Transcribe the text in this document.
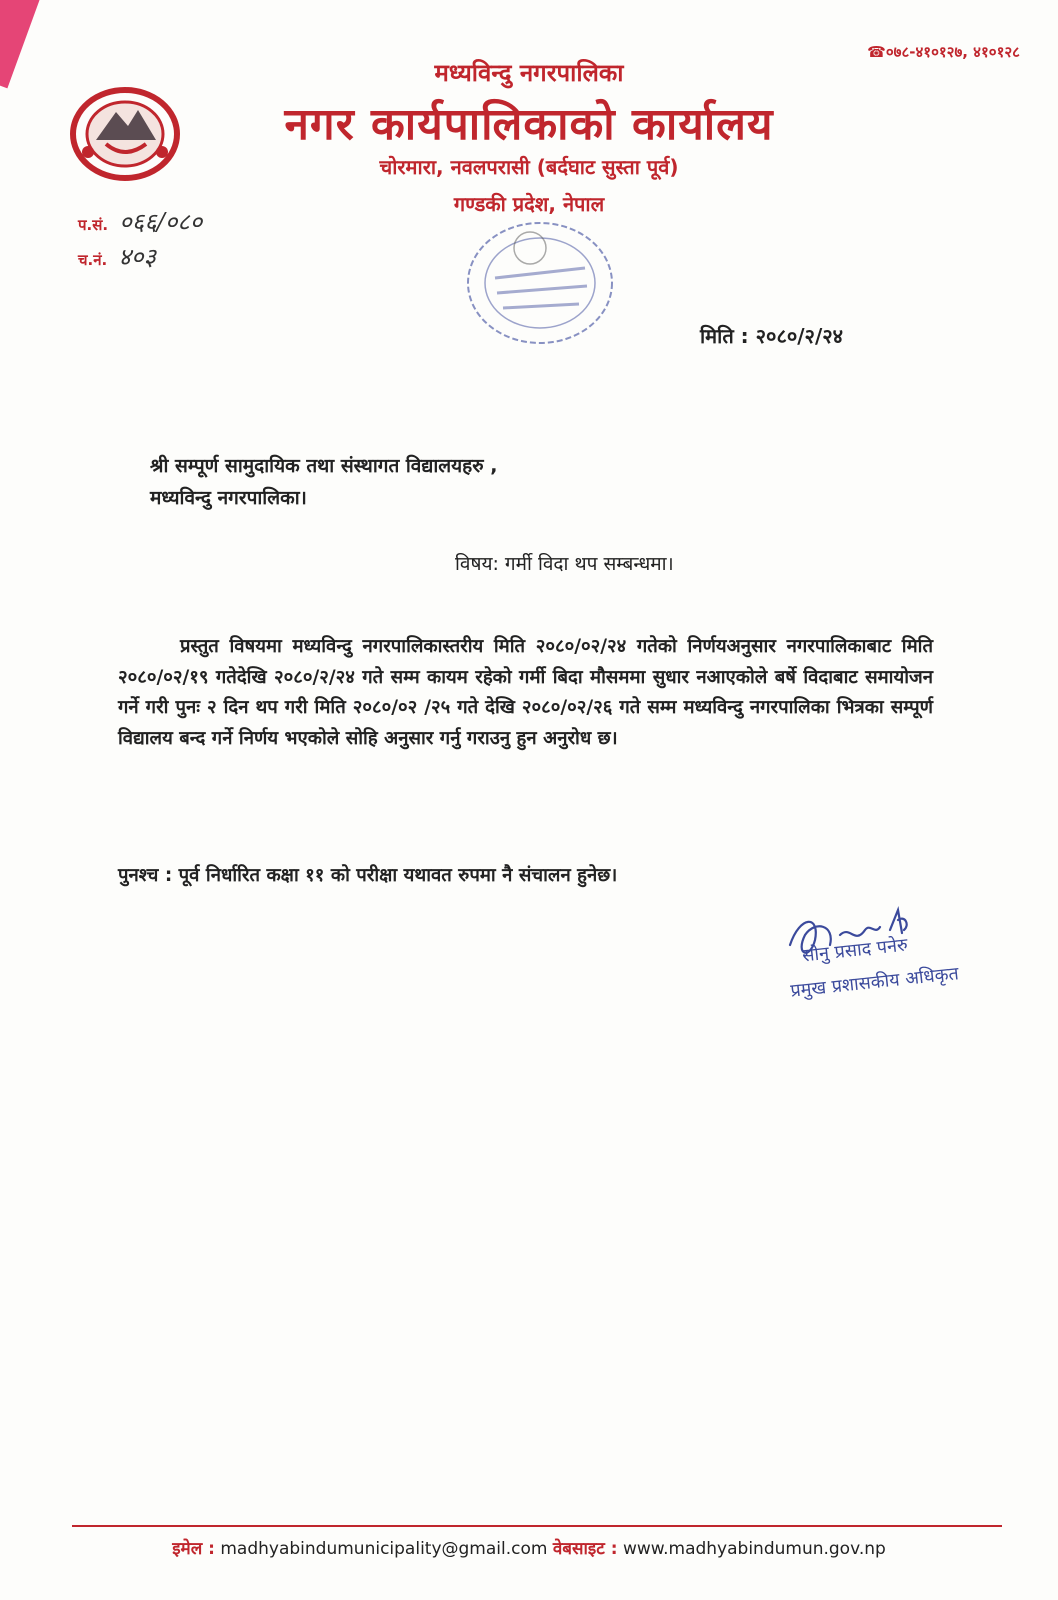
☎०७८-४१०१२७, ४१०१२८
मध्यविन्दु नगरपालिका
नगर कार्यपालिकाको कार्यालय
चोरमारा, नवलपरासी (बर्दघाट सुस्ता पूर्व)
गण्डकी प्रदेश, नेपाल
प.सं. ०६६/०८०
च.नं. ४०३
मिति : २०८०/२/२४
श्री सम्पूर्ण सामुदायिक तथा संस्थागत विद्यालयहरु ,
मध्यविन्दु नगरपालिका।
विषय: गर्मी विदा थप सम्बन्धमा।
प्रस्तुत विषयमा मध्यविन्दु नगरपालिकास्तरीय मिति २०८०/०२/२४ गतेको निर्णयअनुसार नगरपालिकाबाट मिति २०८०/०२/१९ गतेदेखि २०८०/२/२४ गते सम्म कायम रहेको गर्मी बिदा मौसममा सुधार नआएकोले बर्षे विदाबाट समायोजन गर्ने गरी पुनः २ दिन थप गरी मिति २०८०/०२ /२५ गते देखि २०८०/०२/२६ गते सम्म मध्यविन्दु नगरपालिका भित्रका सम्पूर्ण विद्यालय बन्द गर्ने निर्णय भएकोले सोहि अनुसार गर्नु गराउनु हुन अनुरोध छ।
पुनश्च : पूर्व निर्धारित कक्षा ११ को परीक्षा यथावत रुपमा नै संचालन हुनेछ।
सोनु प्रसाद पनेरु
प्रमुख प्रशासकीय अधिकृत
इमेल : madhyabindumunicipality@gmail.com वेबसाइट : www.madhyabindumun.gov.np
